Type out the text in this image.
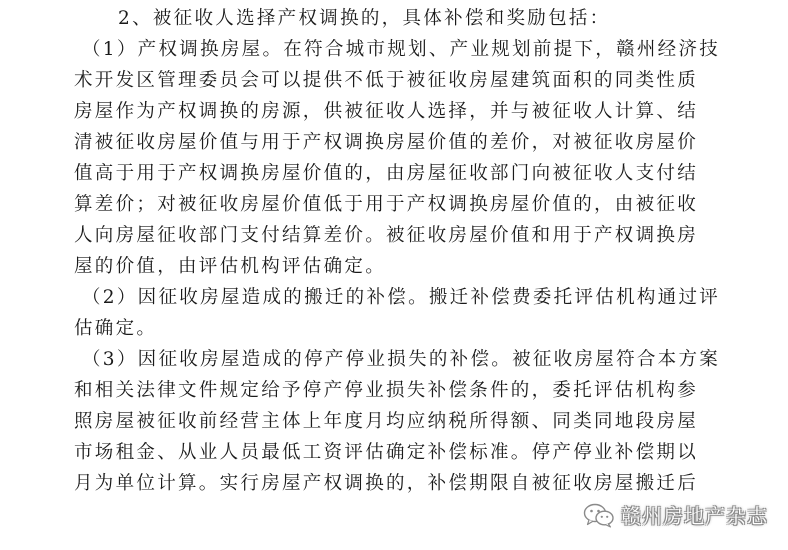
2、被征收人选择产权调换的，具体补偿和奖励包括：
（1）产权调换房屋。在符合城市规划、产业规划前提下，赣州经济技
术开发区管理委员会可以提供不低于被征收房屋建筑面积的同类性质
房屋作为产权调换的房源，供被征收人选择，并与被征收人计算、结
清被征收房屋价值与用于产权调换房屋价值的差价，对被征收房屋价
值高于用于产权调换房屋价值的，由房屋征收部门向被征收人支付结
算差价；对被征收房屋价值低于用于产权调换房屋价值的，由被征收
人向房屋征收部门支付结算差价。被征收房屋价值和用于产权调换房
屋的价值，由评估机构评估确定。
（2）因征收房屋造成的搬迁的补偿。搬迁补偿费委托评估机构通过评
估确定。
（3）因征收房屋造成的停产停业损失的补偿。被征收房屋符合本方案
和相关法律文件规定给予停产停业损失补偿条件的，委托评估机构参
照房屋被征收前经营主体上年度月均应纳税所得额、同类同地段房屋
市场租金、从业人员最低工资评估确定补偿标准。停产停业补偿期以
月为单位计算。实行房屋产权调换的，补偿期限自被征收房屋搬迁后
赣州房地产杂志
